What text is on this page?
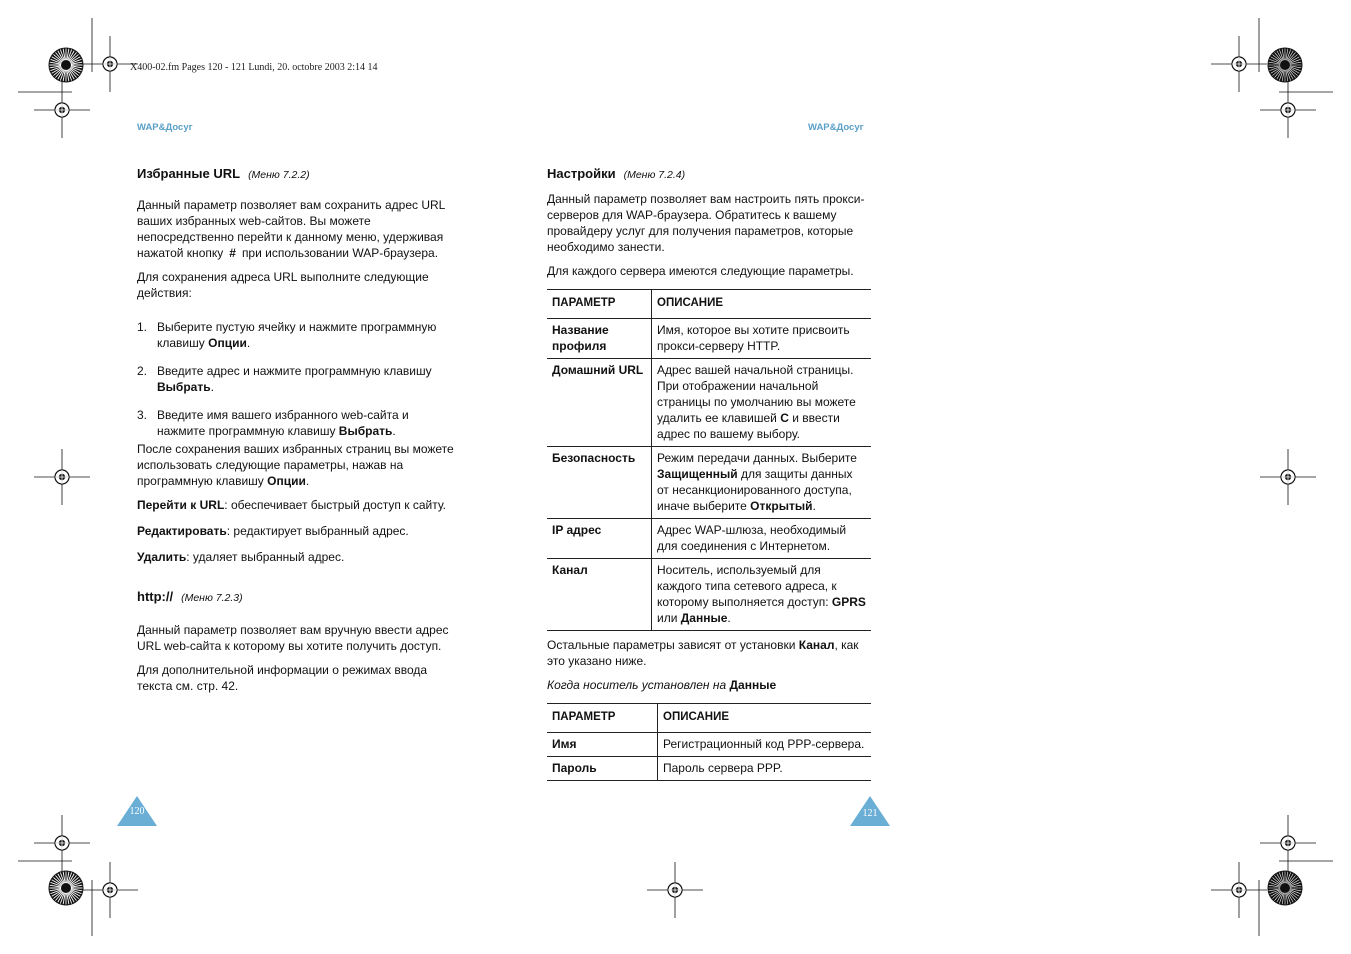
X400-02.fm Pages 120 - 121 Lundi, 20. octobre 2003 2:14 14
WAP&Досуг	WAP&Досуг
Избранные URL (Меню 7.2.2)

Данный параметр позволяет вам сохранить адрес URL ваших избранных web-сайтов. Вы можете непосредственно перейти к данному меню, удерживая нажатой кнопку # при использовании WAP-браузера.

Для сохранения адреса URL выполните следующие действия:

1. Выберите пустую ячейку и нажмите программную клавишу Опции.
2. Введите адрес и нажмите программную клавишу Выбрать.
3. Введите имя вашего избранного web-сайта и нажмите программную клавишу Выбрать.

После сохранения ваших избранных страниц вы можете использовать следующие параметры, нажав на программную клавишу Опции.

Перейти к URL: обеспечивает быстрый доступ к сайту.

Редактировать: редактирует выбранный адрес.

Удалить: удаляет выбранный адрес.

http:// (Меню 7.2.3)

Данный параметр позволяет вам вручную ввести адрес URL web-сайта к которому вы хотите получить доступ.

Для дополнительной информации о режимах ввода текста см. стр. 42.

Настройки (Меню 7.2.4)

Данный параметр позволяет вам настроить пять прокси-серверов для WAP-браузера. Обратитесь к вашему провайдеру услуг для получения параметров, которые необходимо занести.

Для каждого сервера имеются следующие параметры.

ПАРАМЕТР	ОПИСАНИЕ
Название профиля	Имя, которое вы хотите присвоить прокси-серверу HTTP.
Домашний URL	Адрес вашей начальной страницы. При отображении начальной страницы по умолчанию вы можете удалить ее клавишей C и ввести адрес по вашему выбору.
Безопасность	Режим передачи данных. Выберите Защищенный для защиты данных от несанкционированного доступа, иначе выберите Открытый.
IP адрес	Адрес WAP-шлюза, необходимый для соединения с Интернетом.
Канал	Носитель, используемый для каждого типа сетевого адреса, к которому выполняется доступ: GPRS или Данные.

Остальные параметры зависят от установки Канал, как это указано ниже.

Когда носитель установлен на Данные

ПАРАМЕТР	ОПИСАНИЕ
Имя	Регистрационный код PPP-сервера.
Пароль	Пароль сервера PPP.
120	121
